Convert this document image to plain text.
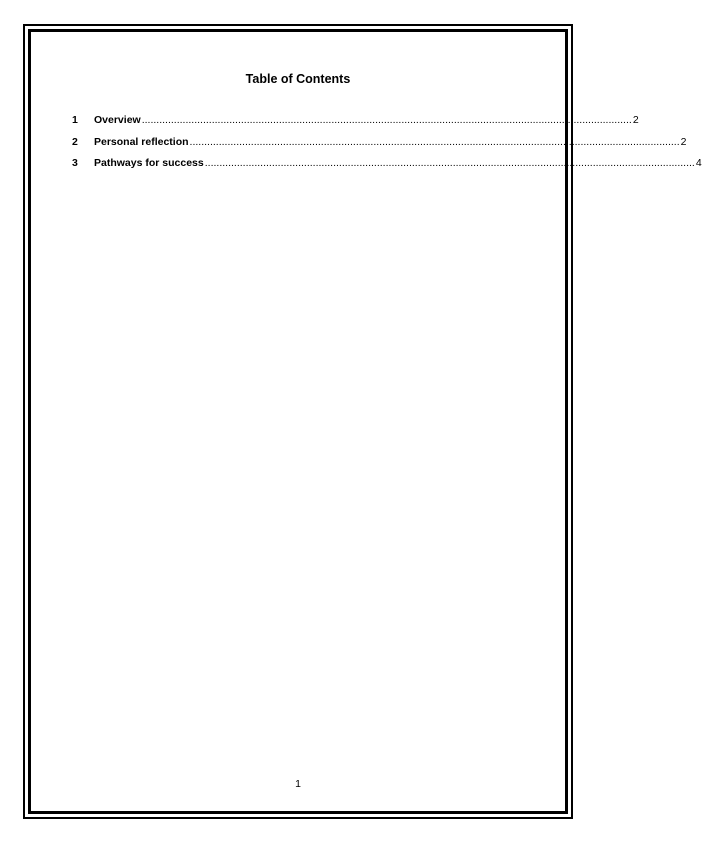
Table of Contents
1	Overview ........................................................................................................................................................................ 2
2	Personal reflection ........................................................................................................................................................................ 2
3	Pathways for success ........................................................................................................................................................................ 4
1
